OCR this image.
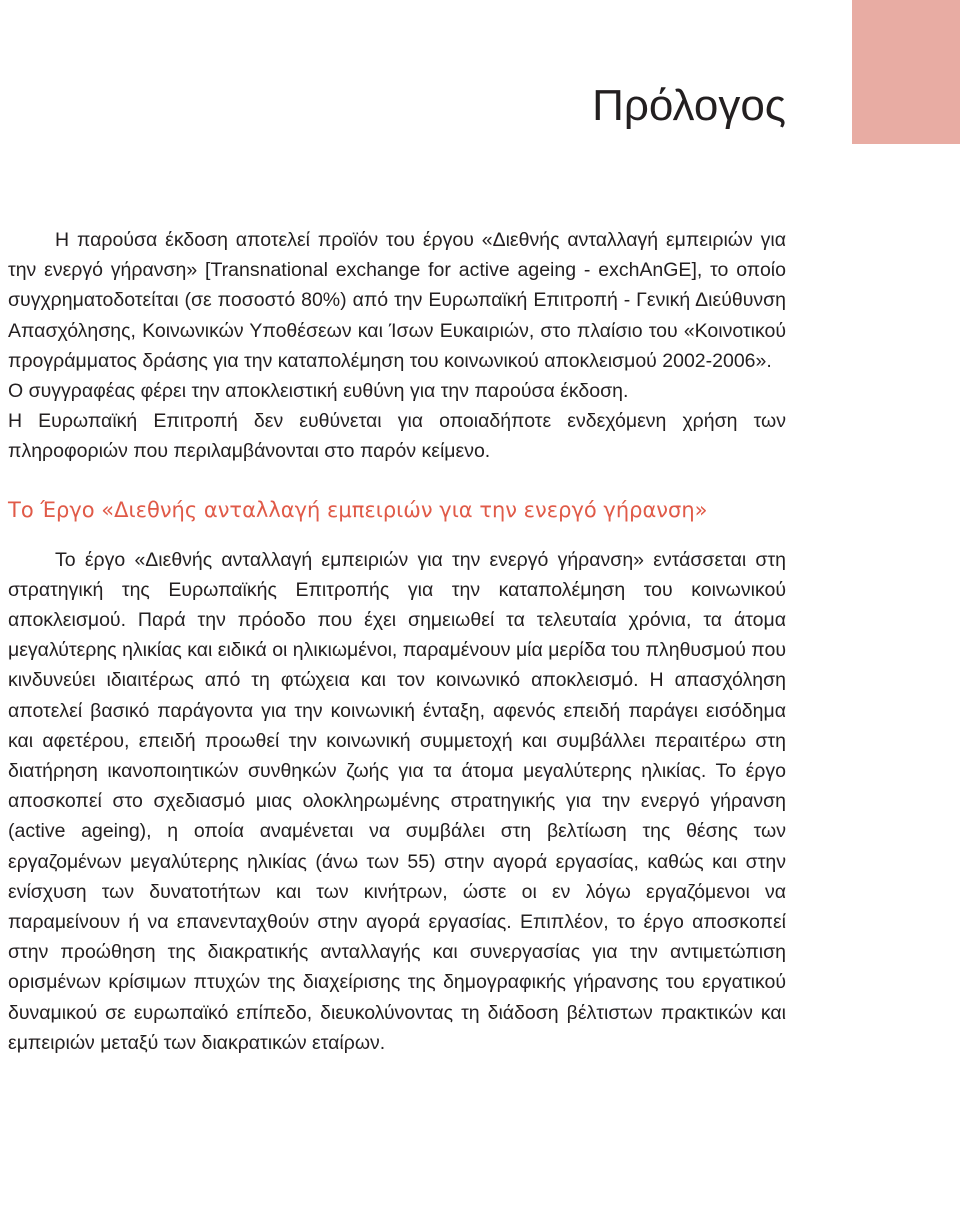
Πρόλογος

Η παρούσα έκδοση αποτελεί προϊόν του έργου «Διεθνής ανταλλαγή εμπειριών για την ενεργό γήρανση» [Transnational exchange for active ageing - exchAnGE], το οποίο συγχρηματοδοτείται (σε ποσοστό 80%) από την Ευρωπαϊκή Επιτροπή - Γενική Διεύθυνση Απασχόλησης, Κοινωνικών Υποθέσεων και Ίσων Ευκαιριών, στο πλαίσιο του «Κοινοτικού προγράμματος δράσης για την καταπολέμηση του κοινωνικού αποκλεισμού 2002-2006».

Ο συγγραφέας φέρει την αποκλειστική ευθύνη για την παρούσα έκδοση.

Η Ευρωπαϊκή Επιτροπή δεν ευθύνεται για οποιαδήποτε ενδεχόμενη χρήση των πληροφοριών που περιλαμβάνονται στο παρόν κείμενο.

Το Έργο «Διεθνής ανταλλαγή εμπειριών για την ενεργό γήρανση»

Το έργο «Διεθνής ανταλλαγή εμπειριών για την ενεργό γήρανση» εντάσσεται στη στρατηγική της Ευρωπαϊκής Επιτροπής για την καταπολέμηση του κοινωνικού αποκλεισμού. Παρά την πρόοδο που έχει σημειωθεί τα τελευταία χρόνια, τα άτομα μεγαλύτερης ηλικίας και ειδικά οι ηλικιωμένοι, παραμένουν μία μερίδα του πληθυσμού που κινδυνεύει ιδιαιτέρως από τη φτώχεια και τον κοινωνικό αποκλεισμό. Η απασχόληση αποτελεί βασικό παράγοντα για την κοινωνική ένταξη, αφενός επειδή παράγει εισόδημα και αφετέρου, επειδή προωθεί την κοινωνική συμμετοχή και συμβάλλει περαιτέρω στη διατήρηση ικανοποιητικών συνθηκών ζωής για τα άτομα μεγαλύτερης ηλικίας. Το έργο αποσκοπεί στο σχεδιασμό μιας ολοκληρωμένης στρατηγικής για την ενεργό γήρανση (active ageing), η οποία αναμένεται να συμβάλει στη βελτίωση της θέσης των εργαζομένων μεγαλύτερης ηλικίας (άνω των 55) στην αγορά εργασίας, καθώς και στην ενίσχυση των δυνατοτήτων και των κινήτρων, ώστε οι εν λόγω εργαζόμενοι να παραμείνουν ή να επανενταχθούν στην αγορά εργασίας. Επιπλέον, το έργο αποσκοπεί στην προώθηση της διακρατικής ανταλλαγής και συνεργασίας για την αντιμετώπιση ορισμένων κρίσιμων πτυχών της διαχείρισης της δημογραφικής γήρανσης του εργατικού δυναμικού σε ευρωπαϊκό επίπεδο, διευκολύνοντας τη διάδοση βέλτιστων πρακτικών και εμπειριών μεταξύ των διακρατικών εταίρων.
